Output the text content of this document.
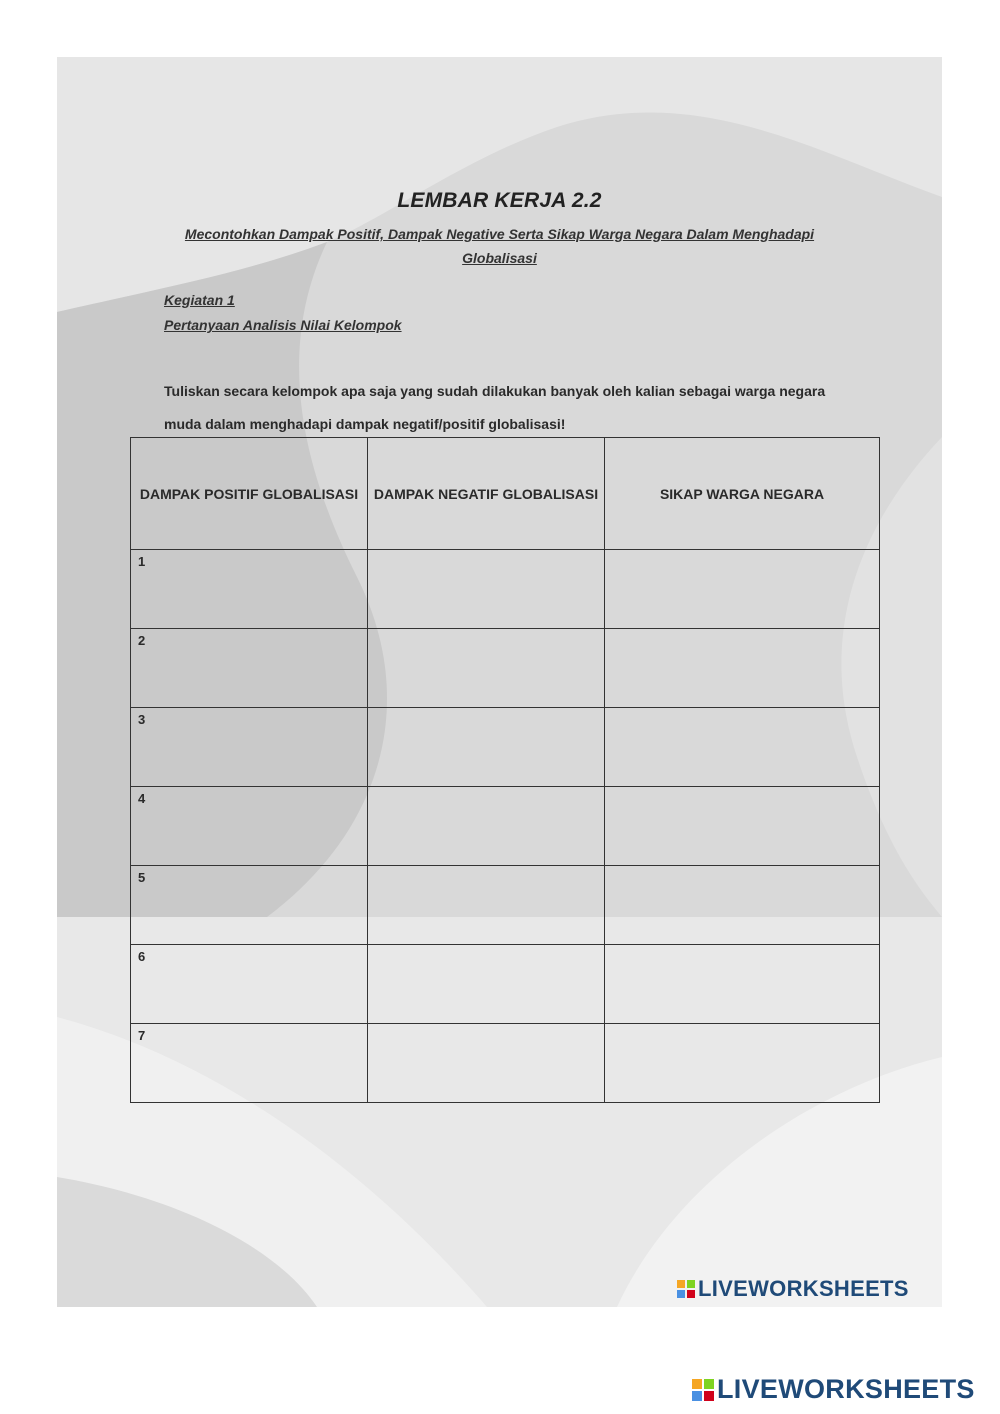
LEMBAR KERJA 2.2
Mecontohkan Dampak Positif, Dampak Negative Serta Sikap Warga Negara Dalam Menghadapi Globalisasi
Kegiatan 1
Pertanyaan Analisis Nilai Kelompok
Tuliskan secara kelompok apa saja yang sudah dilakukan banyak oleh kalian sebagai warga negara muda dalam menghadapi dampak negatif/positif globalisasi!
DAMPAK POSITIF GLOBALISASI	DAMPAK NEGATIF GLOBALISASI	SIKAP WARGA NEGARA

1		

2		

3		

4		

5		

6		

7		

LIVEWORKSHEETS
LIVEWORKSHEETS
